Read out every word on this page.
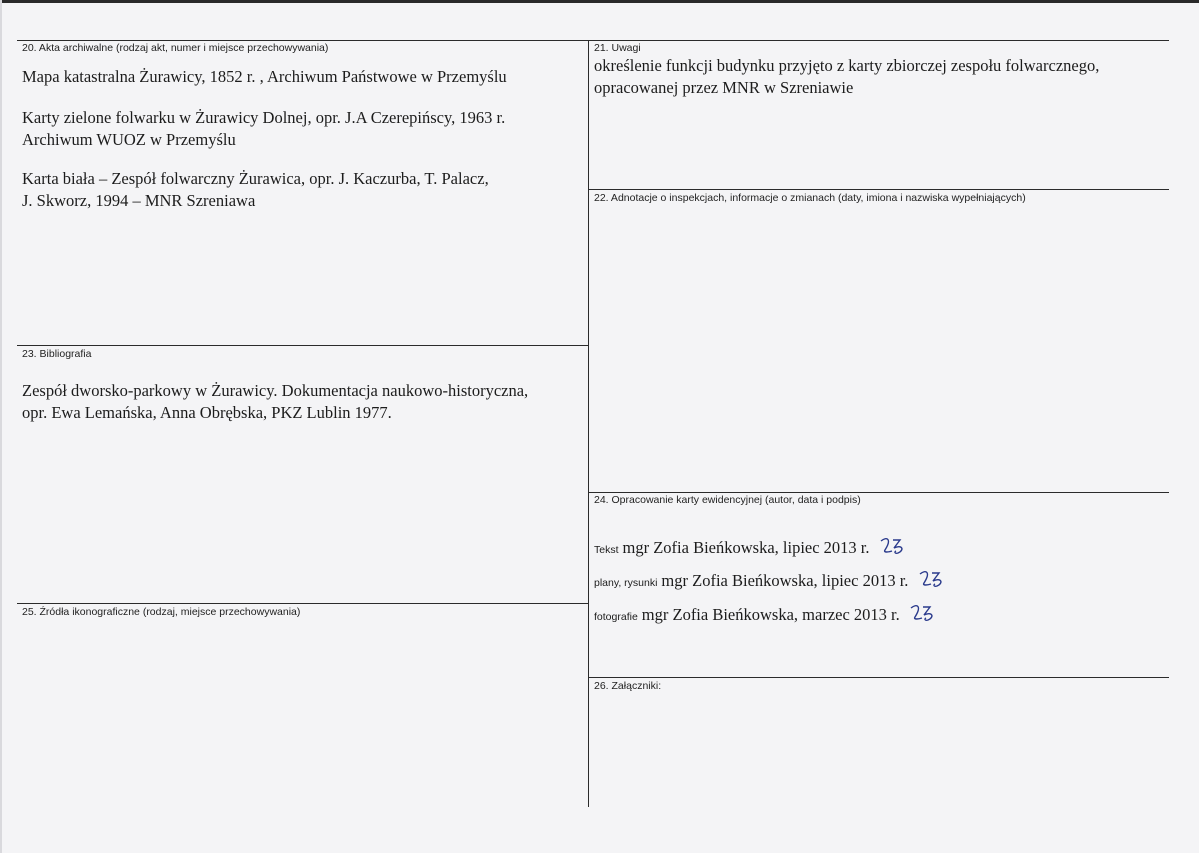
20. Akta archiwalne (rodzaj akt, numer i miejsce przechowywania)
Mapa katastralna Żurawicy, 1852 r. , Archiwum Państwowe w Przemyślu
Karty zielone folwarku w Żurawicy Dolnej, opr. J.A Czerepińscy, 1963 r.
Archiwum WUOZ w Przemyślu
Karta biała – Zespół folwarczny Żurawica, opr. J. Kaczurba, T. Palacz,
J. Skworz, 1994 – MNR Szreniawa
21. Uwagi
określenie funkcji budynku przyjęto z karty zbiorczej zespołu folwarcznego,
opracowanej przez MNR w Szreniawie
22. Adnotacje o inspekcjach, informacje o zmianach (daty, imiona i nazwiska wypełniających)
23. Bibliografia
Zespół dworsko-parkowy w Żurawicy. Dokumentacja naukowo-historyczna,
opr. Ewa Lemańska, Anna Obrębska, PKZ Lublin 1977.
24. Opracowanie karty ewidencyjnej (autor, data i podpis)
Tekst mgr Zofia Bieńkowska, lipiec 2013 r.
plany, rysunki mgr Zofia Bieńkowska, lipiec 2013 r.
fotografie mgr Zofia Bieńkowska, marzec 2013 r.
25. Źródła ikonograficzne (rodzaj, miejsce przechowywania)
26. Załączniki:
